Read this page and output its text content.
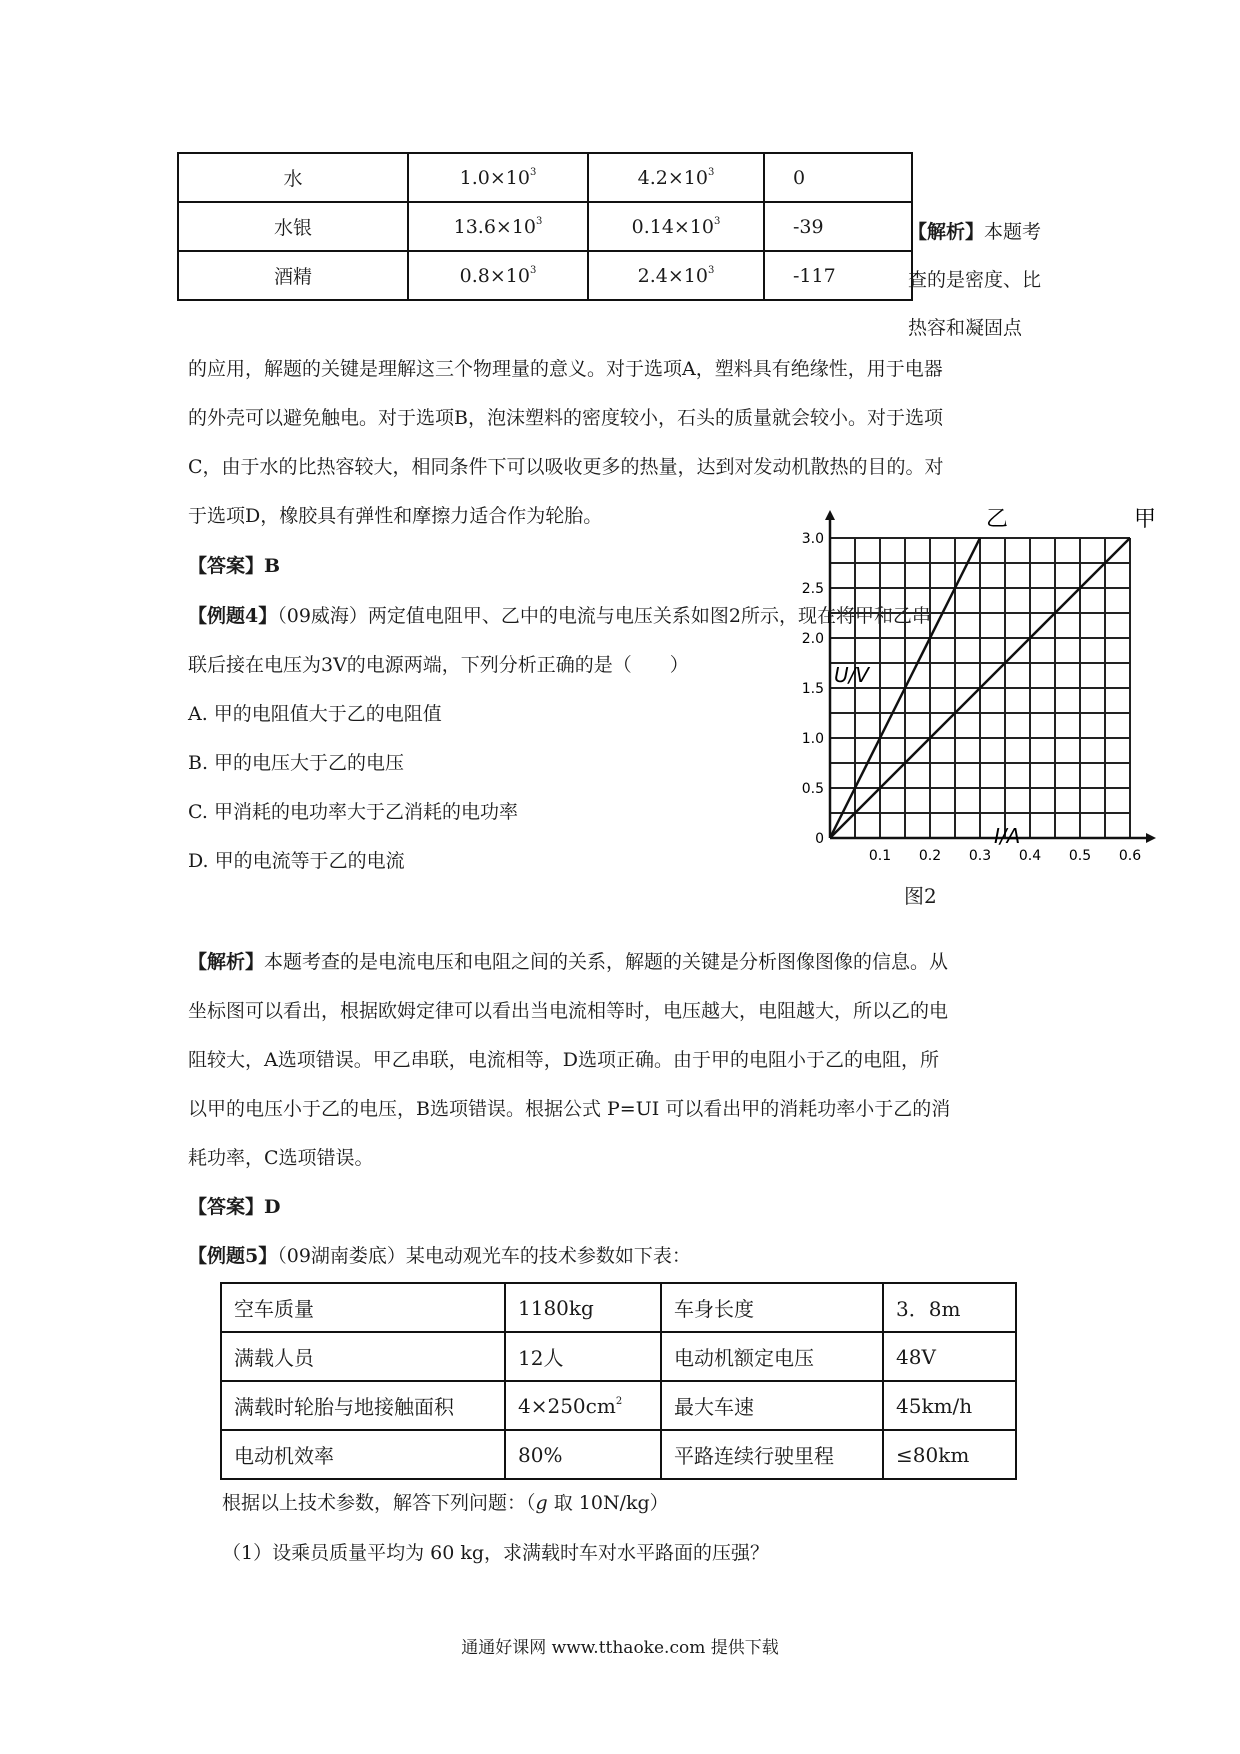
水	$1.0\times 10^3$	$4.2\times 10^3$	0
水银	$13.6\times 10^3$	$0.14\times 10^3$	-39
酒精	$0.8\times 10^3$	$2.4\times 10^3$	-117
【解析】本题考
查的是密度、比
热容和凝固点
的应用，解题的关键是理解这三个物理量的意义。对于选项A，塑料具有绝缘性，用于电器
的外壳可以避免触电。对于选项B，泡沫塑料的密度较小，石头的质量就会较小。对于选项
C，由于水的比热容较大，相同条件下可以吸收更多的热量，达到对发动机散热的目的。对
于选项D，橡胶具有弹性和摩擦力适合作为轮胎。
【答案】B
【例题4】（09威海）两定值电阻甲、乙中的电流与电压关系如图2所示，现在将甲和乙串
联后接在电压为3V的电源两端，下列分析正确的是（　　）
A. 甲的电阻值大于乙的电阻值
B. 甲的电压大于乙的电压
C. 甲消耗的电功率大于乙消耗的电功率
D. 甲的电流等于乙的电流
0
0.5
1.0
1.5
2.0
2.5
3.0
0.1 0.2 0.3 0.4 0.5 0.6
乙	甲
U/V
I/A
图2
【解析】本题考查的是电流电压和电阻之间的关系，解题的关键是分析图像图像的信息。从
坐标图可以看出，根据欧姆定律可以看出当电流相等时，电压越大，电阻越大，所以乙的电
阻较大，A选项错误。甲乙串联，电流相等，D选项正确。由于甲的电阻小于乙的电阻，所
以甲的电压小于乙的电压，B选项错误。根据公式 P=UI 可以看出甲的消耗功率小于乙的消
耗功率，C选项错误。
【答案】D
【例题5】（09湖南娄底）某电动观光车的技术参数如下表：
空车质量	1180kg	车身长度	3．8m
满载人员	12人	电动机额定电压	48V
满载时轮胎与地接触面积	$4\times 250cm^2$	最大车速	45km/h
电动机效率	80%	平路连续行驶里程	≤80km
根据以上技术参数，解答下列问题：（g 取 10N/kg）
（1）设乘员质量平均为 60 kg，求满载时车对水平路面的压强？
通通好课网 www.tthaoke.com 提供下载
